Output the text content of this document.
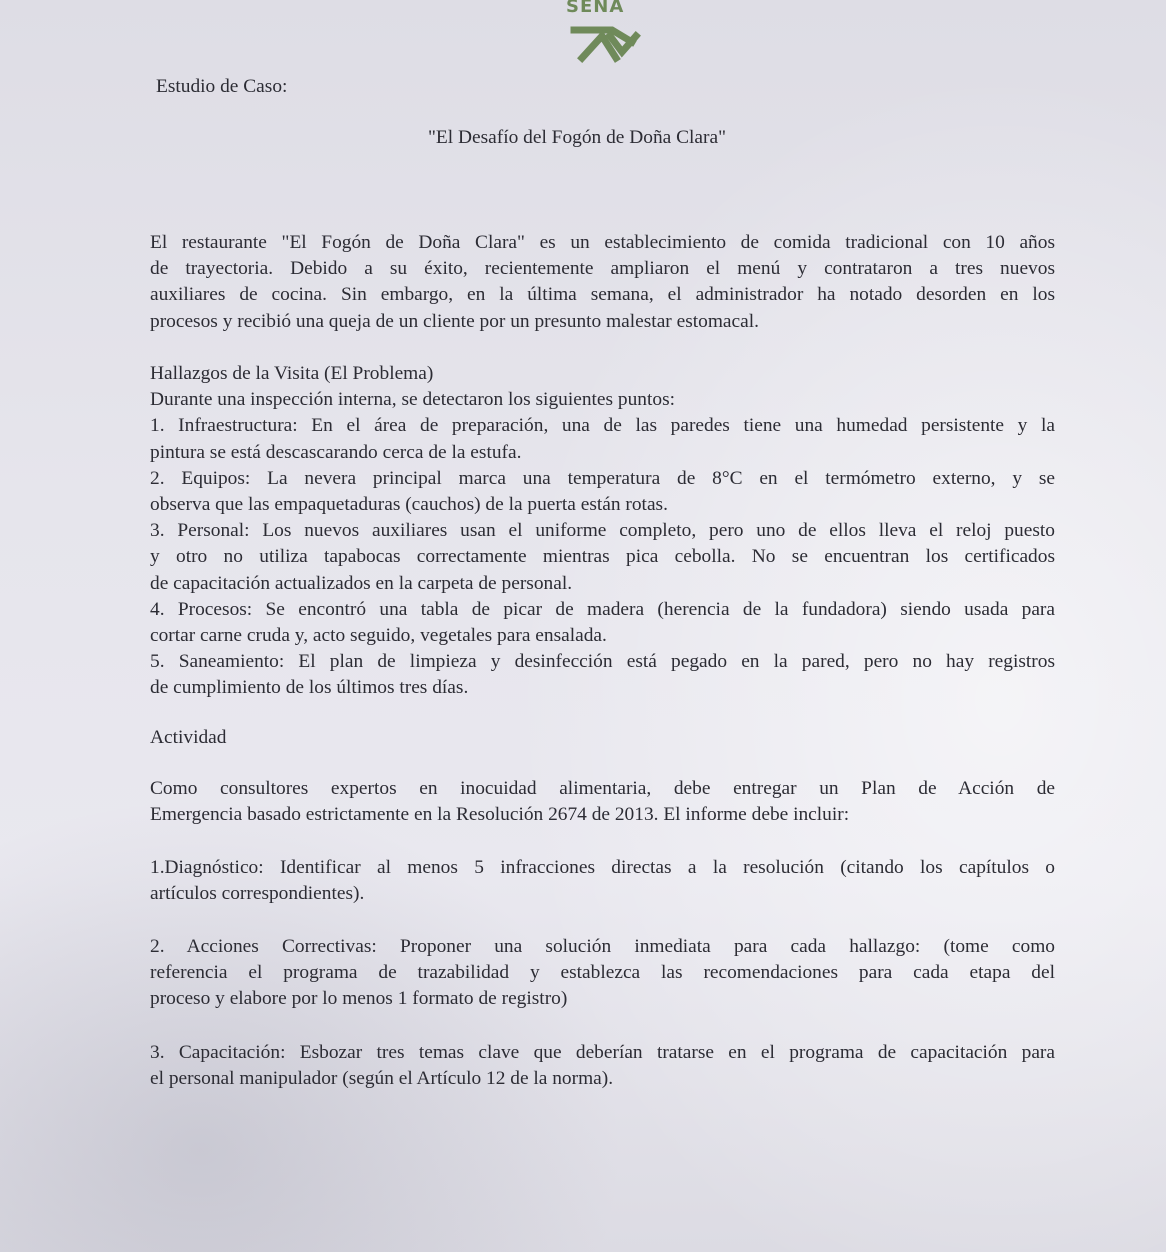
SENA

Estudio de Caso:

"El Desafío del Fogón de Doña Clara"

El restaurante "El Fogón de Doña Clara" es un establecimiento de comida tradicional con 10 años
de trayectoria. Debido a su éxito, recientemente ampliaron el menú y contrataron a tres nuevos
auxiliares de cocina. Sin embargo, en la última semana, el administrador ha notado desorden en los
procesos y recibió una queja de un cliente por un presunto malestar estomacal.
Hallazgos de la Visita (El Problema)
Durante una inspección interna, se detectaron los siguientes puntos:
1. Infraestructura: En el área de preparación, una de las paredes tiene una humedad persistente y la
pintura se está descascarando cerca de la estufa.
2. Equipos: La nevera principal marca una temperatura de 8°C en el termómetro externo, y se
observa que las empaquetaduras (cauchos) de la puerta están rotas.
3. Personal: Los nuevos auxiliares usan el uniforme completo, pero uno de ellos lleva el reloj puesto
y otro no utiliza tapabocas correctamente mientras pica cebolla. No se encuentran los certificados
de capacitación actualizados en la carpeta de personal.
4. Procesos: Se encontró una tabla de picar de madera (herencia de la fundadora) siendo usada para
cortar carne cruda y, acto seguido, vegetales para ensalada.
5. Saneamiento: El plan de limpieza y desinfección está pegado en la pared, pero no hay registros
de cumplimiento de los últimos tres días.
Actividad
Como consultores expertos en inocuidad alimentaria, debe entregar un Plan de Acción de
Emergencia basado estrictamente en la Resolución 2674 de 2013. El informe debe incluir:
1.Diagnóstico: Identificar al menos 5 infracciones directas a la resolución (citando los capítulos o
artículos correspondientes).
2. Acciones Correctivas: Proponer una solución inmediata para cada hallazgo: (tome como
referencia el programa de trazabilidad y establezca las recomendaciones para cada etapa del
proceso y elabore por lo menos 1 formato de registro)
3. Capacitación: Esbozar tres temas clave que deberían tratarse en el programa de capacitación para
el personal manipulador (según el Artículo 12 de la norma).
